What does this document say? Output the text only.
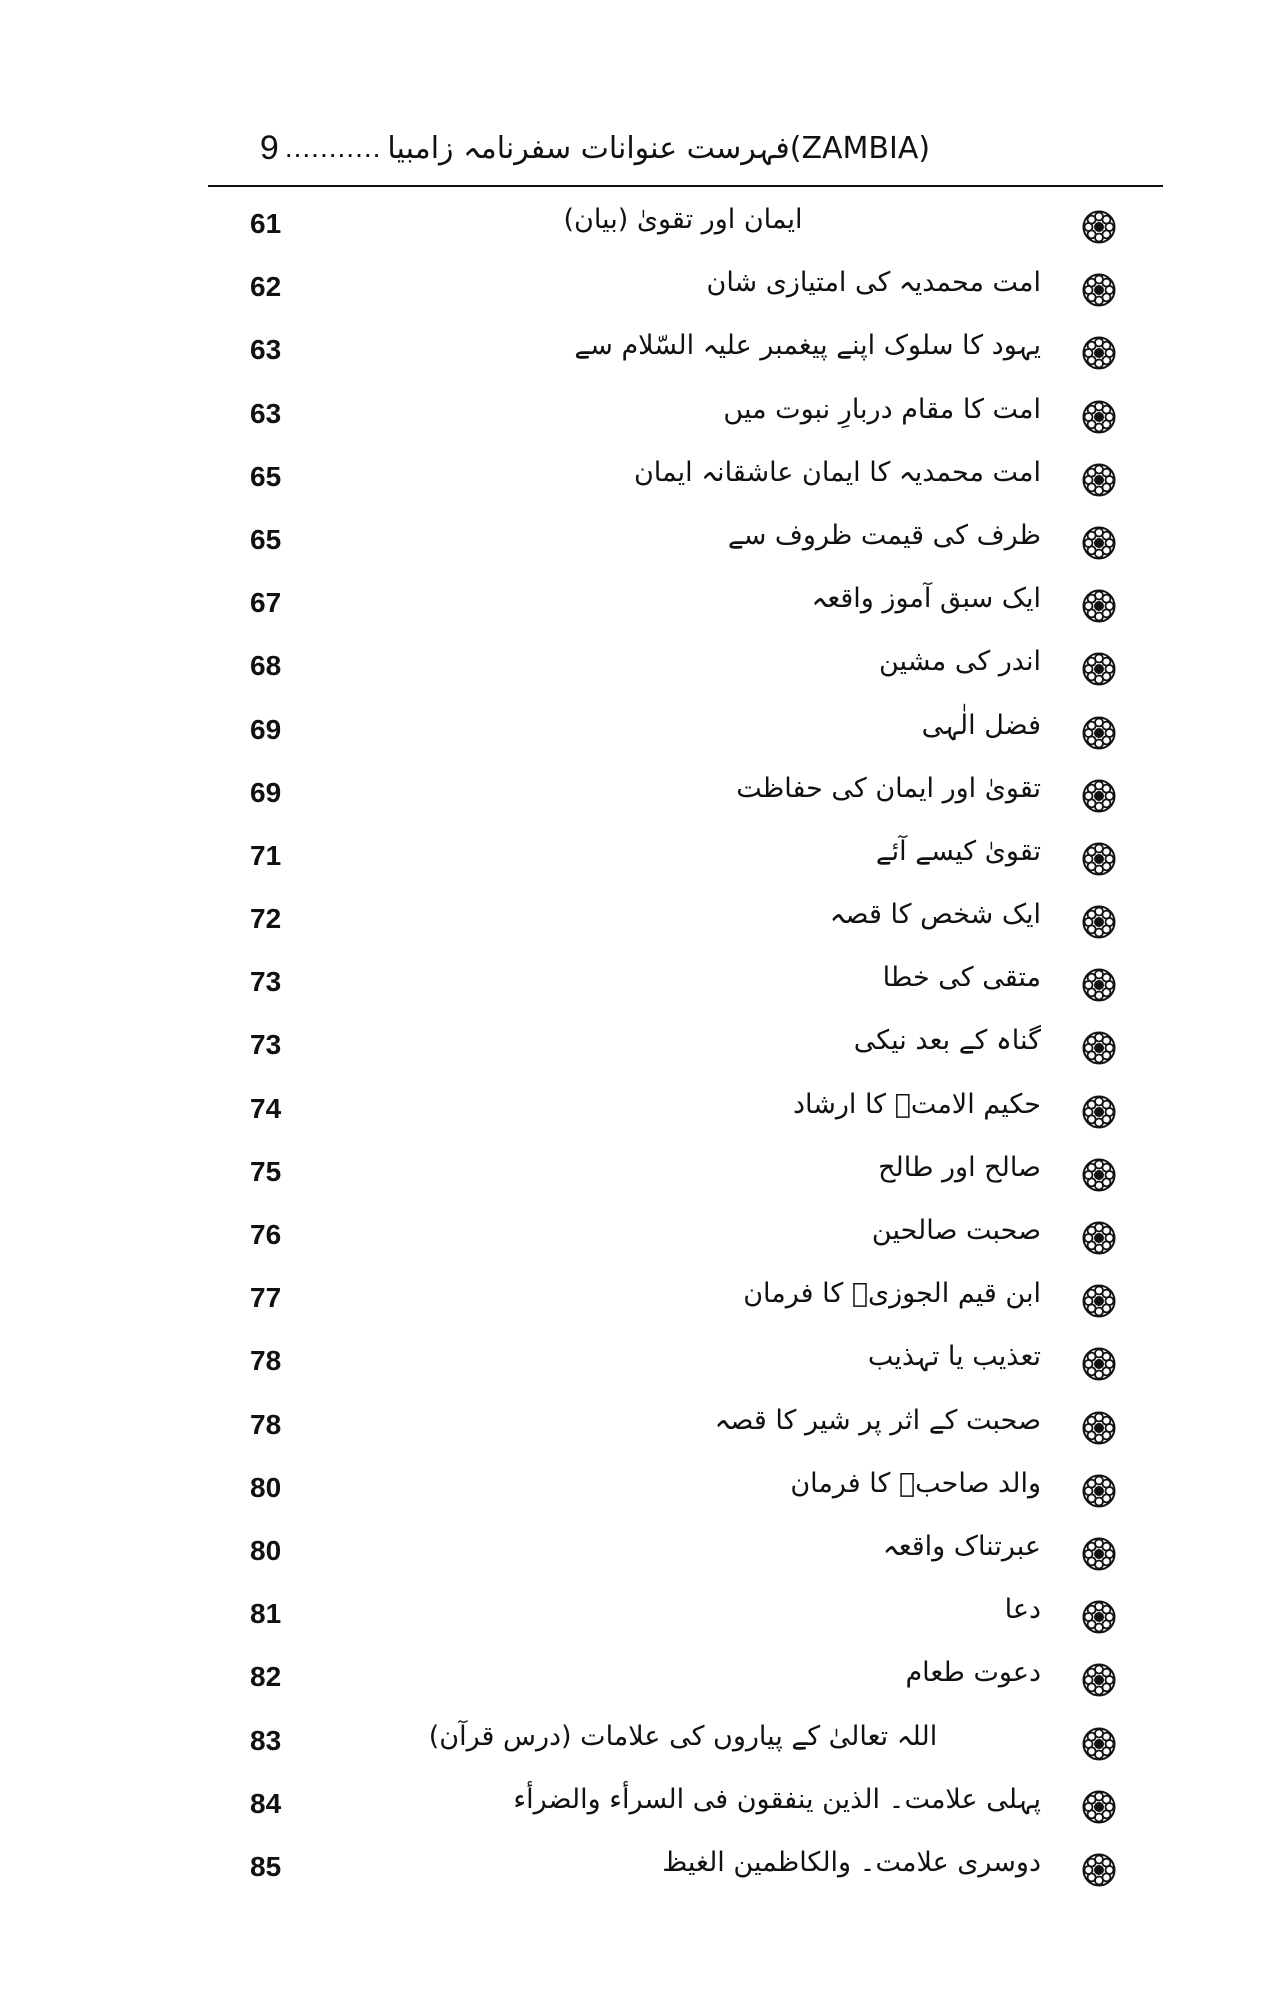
9 ........... فہرست عنوانات سفرنامہ زامبیا(ZAMBIA)
61	ایمان اور تقویٰ (بیان)
62	امت محمدیہ کی امتیازی شان
63	یہود کا سلوک اپنے پیغمبر علیہ السّلام سے
63	امت کا مقام دربارِ نبوت میں
65	امت محمدیہ کا ایمان عاشقانہ ایمان
65	ظرف کی قیمت ظروف سے
67	ایک سبق آموز واقعہ
68	اندر کی مشین
69	فضل الٰہی
69	تقویٰ اور ایمان کی حفاظت
71	تقویٰ کیسے آئے
72	ایک شخص کا قصہ
73	متقی کی خطا
73	گناہ کے بعد نیکی
74	حکیم الامتؒ کا ارشاد
75	صالح اور طالح
76	صحبت صالحین
77	ابن قیم الجوزیؒ کا فرمان
78	تعذیب یا تہذیب
78	صحبت کے اثر پر شیر کا قصہ
80	والد صاحبؒ کا فرمان
80	عبرتناک واقعہ
81	دعا
82	دعوت طعام
83	اللہ تعالیٰ کے پیاروں کی علامات (درس قرآن)
84	پہلی علامت۔ الذین ینفقون فی السرأء والضرأء
85	دوسری علامت۔ والکاظمین الغیظ
